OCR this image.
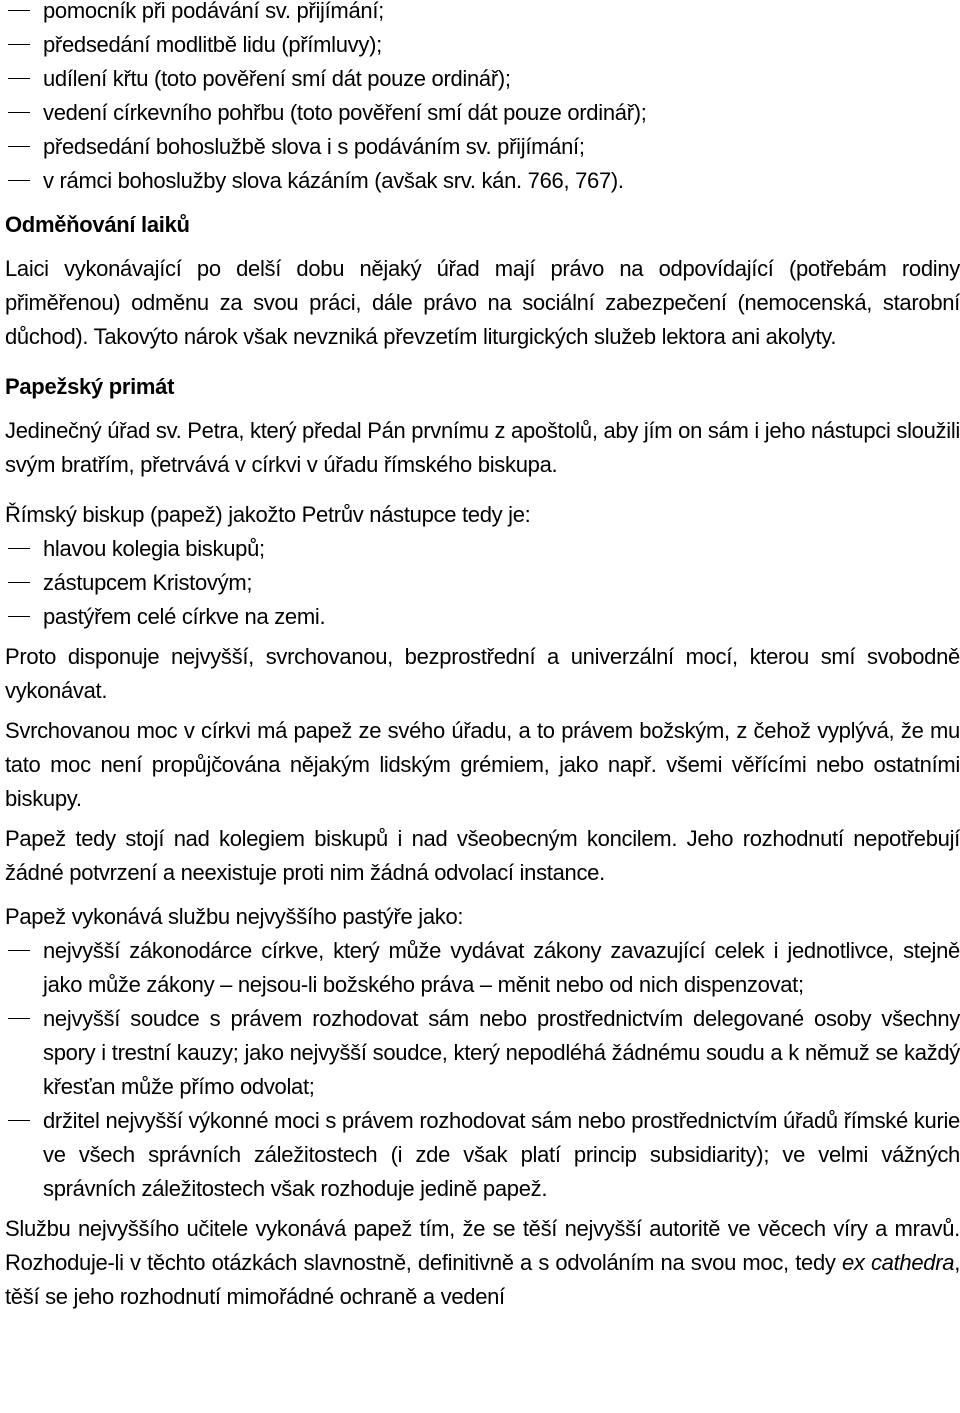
pomocník při podávání sv. přijímání;
předsedání modlitbě lidu (přímluvy);
udílení křtu (toto pověření smí dát pouze ordinář);
vedení církevního pohřbu (toto pověření smí dát pouze ordinář);
předsedání bohoslužbě slova i s podáváním sv. přijímání;
v rámci bohoslužby slova kázáním (avšak srv. kán. 766, 767).
Odměňování laiků

Laici vykonávající po delší dobu nějaký úřad mají právo na odpovídající (potřebám rodiny přiměřenou) odměnu za svou práci, dále právo na sociální zabezpečení (nemocenská, starobní důchod). Takovýto nárok však nevzniká převzetím liturgických služeb lektora ani akolyty.

Papežský primát

Jedinečný úřad sv. Petra, který předal Pán prvnímu z apoštolů, aby jím on sám i jeho nástupci sloužili svým bratřím, přetrvává v církvi v úřadu římského biskupa.

Římský biskup (papež) jakožto Petrův nástupce tedy je:

hlavou kolegia biskupů;
zástupcem Kristovým;
pastýřem celé církve na zemi.

Proto disponuje nejvyšší, svrchovanou, bezprostřední a univerzální mocí, kterou smí svobodně vykonávat.

Svrchovanou moc v církvi má papež ze svého úřadu, a to právem božským, z čehož vyplývá, že mu tato moc není propůjčována nějakým lidským grémiem, jako např. všemi věřícími nebo ostatními biskupy.

Papež tedy stojí nad kolegiem biskupů i nad všeobecným koncilem. Jeho rozhodnutí nepotřebují žádné potvrzení a neexistuje proti nim žádná odvolací instance.

Papež vykonává službu nejvyššího pastýře jako:

nejvyšší zákonodárce církve, který může vydávat zákony zavazující celek i jednotlivce, stejně jako může zákony – nejsou-li božského práva – měnit nebo od nich dispenzovat;
nejvyšší soudce s právem rozhodovat sám nebo prostřednictvím delegované osoby všechny spory i trestní kauzy; jako nejvyšší soudce, který nepodléhá žádnému soudu a k němuž se každý křesťan může přímo odvolat;
držitel nejvyšší výkonné moci s právem rozhodovat sám nebo prostřednictvím úřadů římské kurie ve všech správních záležitostech (i zde však platí princip subsidiarity); ve velmi vážných správních záležitostech však rozhoduje jedině papež.

Službu nejvyššího učitele vykonává papež tím, že se těší nejvyšší autoritě ve věcech víry a mravů. Rozhoduje-li v těchto otázkách slavnostně, definitivně a s odvoláním na svou moc, tedy ex cathedra, těší se jeho rozhodnutí mimořádné ochraně a vedení
